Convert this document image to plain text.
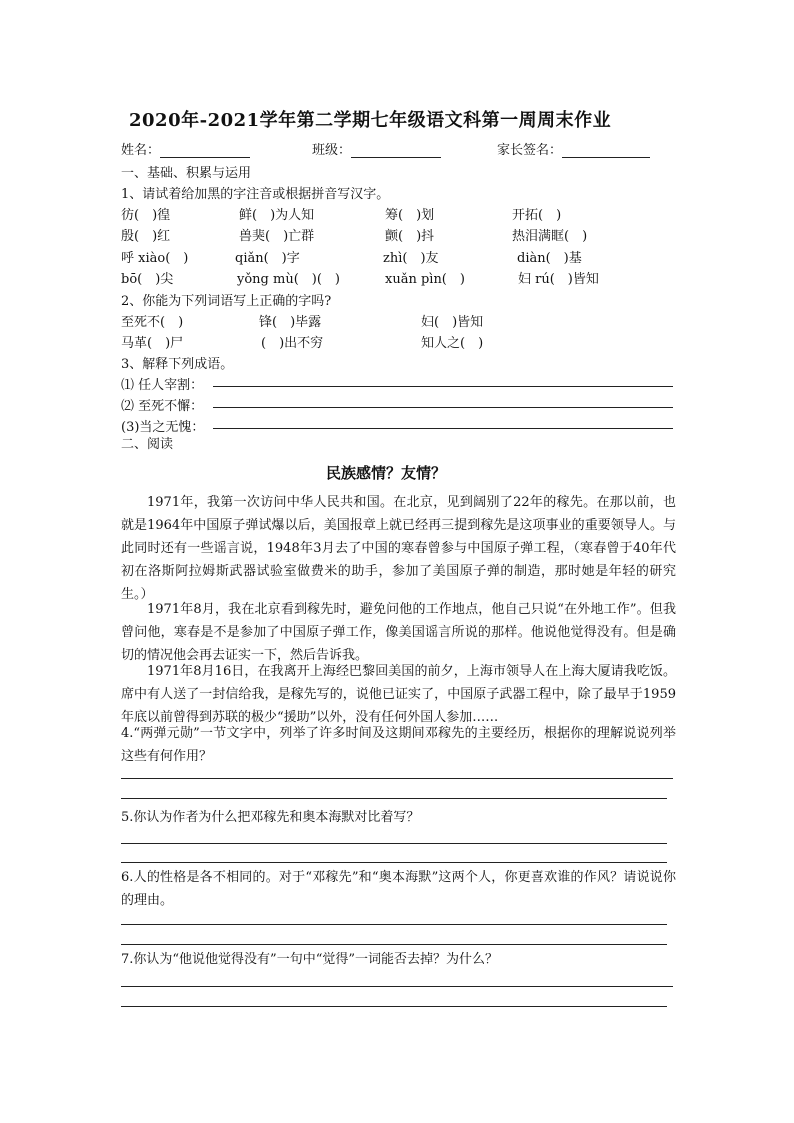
2020年-2021学年第二学期七年级语文科第一周周末作业
姓名：	班级：	家长签名：
一、基础、积累与运用
1、请试着给加黑的字注音或根据拼音写汉字。
彷(　)徨	鲜(　)为人知	筹(　)划	开拓(　)
殷(　)红	兽猆(　)亡群	颤(　)抖	热泪满眶(　)
呼 xiào(　)	qiǎn(　)字	zhì(　)友	diàn(　)基
bō(　)尖	yǒng mù(　)(　)	xuǎn pìn(　)	妇 rú(　)皆知
2、你能为下列词语写上正确的字吗?
至死不(　)	锋(　)毕露	妇(　)皆知
马革(　)尸	(　)出不穷	知人之(　)
3、解释下列成语。
⑴ 任人宰割：
⑵ 至死不懈：
(3)当之无愧：
二、阅读
民族感情？友情？
1971年，我第一次访问中华人民共和国。在北京，见到阔别了22年的稼先。在那以前，也就是1964年中国原子弹试爆以后，美国报章上就已经再三提到稼先是这项事业的重要领导人。与此同时还有一些谣言说，1948年3月去了中国的寒春曾参与中国原子弹工程，（寒春曾于40年代初在洛斯阿拉姆斯武器试验室做费米的助手，参加了美国原子弹的制造，那时她是年轻的研究生。）
1971年8月，我在北京看到稼先时，避免问他的工作地点，他自己只说“在外地工作”。但我曾问他，寒春是不是参加了中国原子弹工作，像美国谣言所说的那样。他说他觉得没有。但是确切的情况他会再去证实一下，然后告诉我。
1971年8月16日，在我离开上海经巴黎回美国的前夕，上海市领导人在上海大厦请我吃饭。席中有人送了一封信给我，是稼先写的，说他已证实了，中国原子武器工程中，除了最早于1959年底以前曾得到苏联的极少“援助”以外，没有任何外国人参加……
4.“两弹元勋”一节文字中，列举了许多时间及这期间邓稼先的主要经历，根据你的理解说说列举这些有何作用？
5.你认为作者为什么把邓稼先和奥本海默对比着写？
6.人的性格是各不相同的。对于“邓稼先”和“奥本海默”这两个人，你更喜欢谁的作风？请说说你的理由。
7.你认为“他说他觉得没有”一句中“觉得”一词能否去掉？为什么？
